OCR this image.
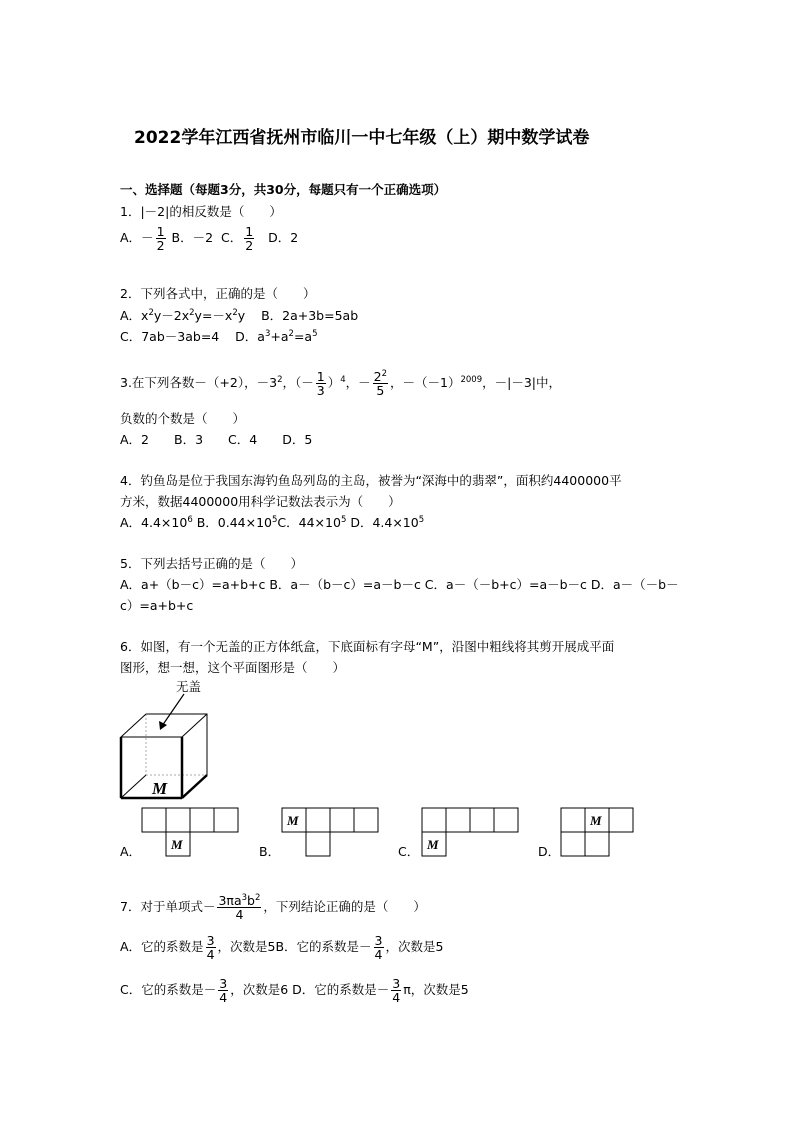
2022学年江西省抚州市临川一中七年级（上）期中数学试卷
一、选择题（每题3分，共30分，每题只有一个正确选项）
1．|－2|的相反数是（　　）
A．－ $\frac{1}{2}$ B．－2 C． $\frac{1}{2}$ D．2
2．下列各式中，正确的是（　　）
A．$x^2y-2x^2y=-x^2y$ B．2a+3b=5ab
C．7ab－3ab=4 D．$a^3+a^2=a^5$
3.在下列各数－（+2），$-3^2$，（－ $\frac{1}{3} )^4$，－ $\frac{2^2}{5}$ ，$-(-1)^{2009}$，－|－3|中，
负数的个数是（　　）
A．2　　B．3　　C．4　　D．5
4．钓鱼岛是位于我国东海钓鱼岛列岛的主岛，被誉为“深海中的翡翠”，面积约4400000平
方米，数据4400000用科学记数法表示为（　　）
A．$4.4\times 10^6$ B．$0.44\times 10^5C$．$44\times 10^5$ D．$4.4\times 10^5$
5．下列去括号正确的是（　　）
A．a+（b－c）=a+b+c B．a－（b－c）=a－b－c C．a－（－b+c）=a－b－c D．a－（－b－
c）=a+b+c
6．如图，有一个无盖的正方体纸盒，下底面标有字母“M”，沿图中粗线将其剪开展成平面
图形，想一想，这个平面图形是（　　）
无盖
M
A． M	B．
M
C． M	D．
M
7．对于单项式－ $\frac{3\pi a^3b^2}{4}$ ，下列结论正确的是（　　）
A．它的系数是 $\frac{3}{4}$ ，次数是5B．它的系数是－ $\frac{3}{4}$ ，次数是5
C．它的系数是－ $\frac{3}{4}$ ，次数是6 D．它的系数是－ $\frac{3}{4}$ π，次数是5
